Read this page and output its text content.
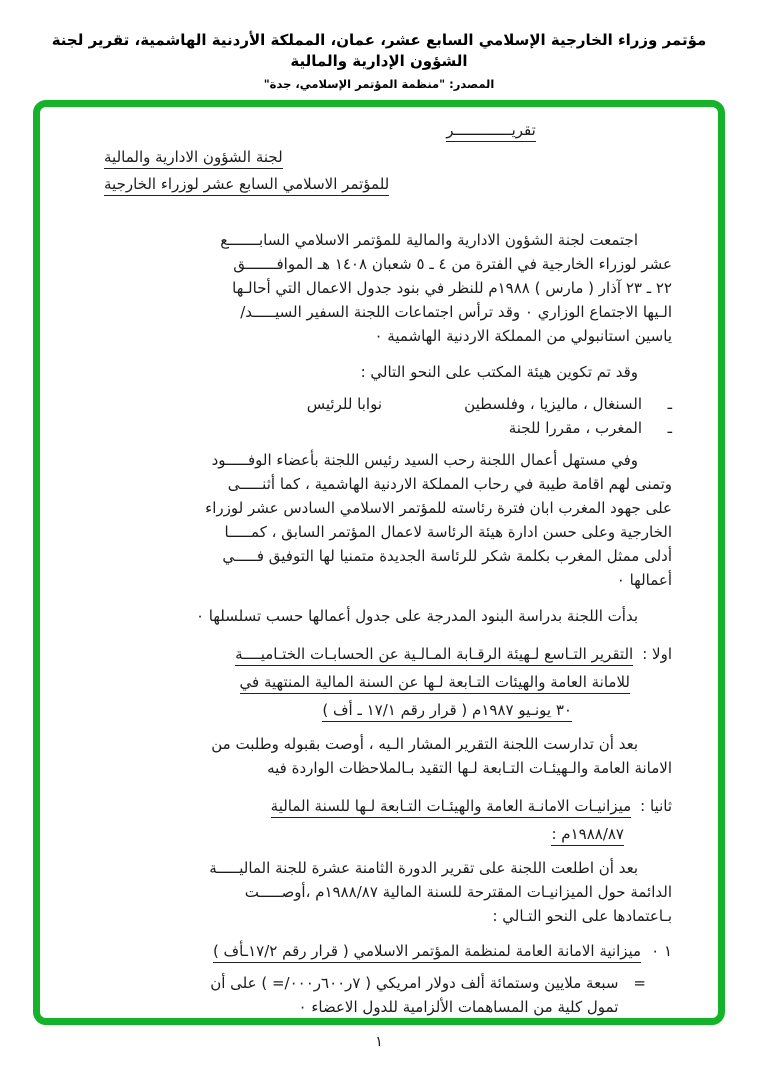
مؤتمر وزراء الخارجية الإسلامي السابع عشر، عمان، المملكة الأردنية الهاشمية، تقرير لجنة الشؤون الإدارية والمالية
المصدر: "منظمة المؤتمر الإسلامي، جدة"
تقريـــــــــــــر
لجنة الشؤون الادارية والمالية
للمؤتمر الاسلامي السابع عشر لوزراء الخارجية
اجتمعت لجنة الشؤون الادارية والمالية للمؤتمر الاسلامي السابـــــــع
عشر لوزراء الخارجية في الفترة من ٤ ـ ٥ شعبان ١٤٠٨ هـ الموافـــــــق
٢٢ ـ ٢٣ آذار ( مارس ) ١٩٨٨م للنظر في بنود جدول الاعمال التي أحالـها
الـيها الاجتماع الوزاري ٠ وقد ترأس اجتماعات اللجنة السفير السيـــــد/
ياسين استانبولي من المملكة الاردنية الهاشمية ٠
وقد تم تكوين هيئة المكتب على النحو التالي :
ـ
السنغال ، ماليزيا ، وفلسطين
نوابا للرئيس
ـ
المغرب ، مقررا للجنة
وفي مستهل أعمال اللجنة رحب السيد رئيس اللجنة بأعضاء الوفـــــود
وتمنى لهم اقامة طيبة في رحاب المملكة الاردنية الهاشمية ، كما أثنـــــى
على جهود المغرب ابان فترة رئاسته للمؤتمر الاسلامي السادس عشر لوزراء
الخارجية وعلى حسن ادارة هيئة الرئاسة لاعمال المؤتمر السابق ، كمـــــا
أدلى ممثل المغرب بكلمة شكر للرئاسة الجديدة متمنيا لها التوفيق فـــــي
أعمالها ٠
بدأت اللجنة بدراسة البنود المدرجة على جدول أعمالها حسب تسلسلها ٠
اولا :التقرير التـاسع لـهيئة الرقـابة المـالـية عن الحسابـات الختـاميــــة
للامانة العامة والهيئات التـابعة لـها عن السنة المالية المنتهية في
٣٠ يونـيو ١٩٨٧م ( قرار رقم ١٧/١ ـ أف )
بعد أن تدارست اللجنة التقرير المشار الـيه ، أوصت بقبوله وطلبت من
الامانة العامة والـهيئـات التـابعة لـها التقيد بـالملاحظات الواردة فيه
ثانيا :ميزانيـات الامانـة العامة والهيئـات التـابعة لـها للسنة المالية
١٩٨٨/٨٧م :
بعد أن اطلعت اللجنة على تقرير الدورة الثامنة عشرة للجنة الماليـــــة
الدائمة حول الميزانيـات المقترحة للسنة المالية ١٩٨٨/٨٧م ،أوصـــــت
بـاعتمادها على النحو التـالي :
١ ٠ميزانية الامانة العامة لمنظمة المؤتمر الاسلامي ( قرار رقم ١٧/٢ـأف )
=
سبعة ملايين وستمائة ألف دولار امريكي ‭( =/٠٠٠ر٦٠٠ر٧ )‬ على أن
تمول كلية من المساهمات الألزامية للدول الاعضاء ٠
١
